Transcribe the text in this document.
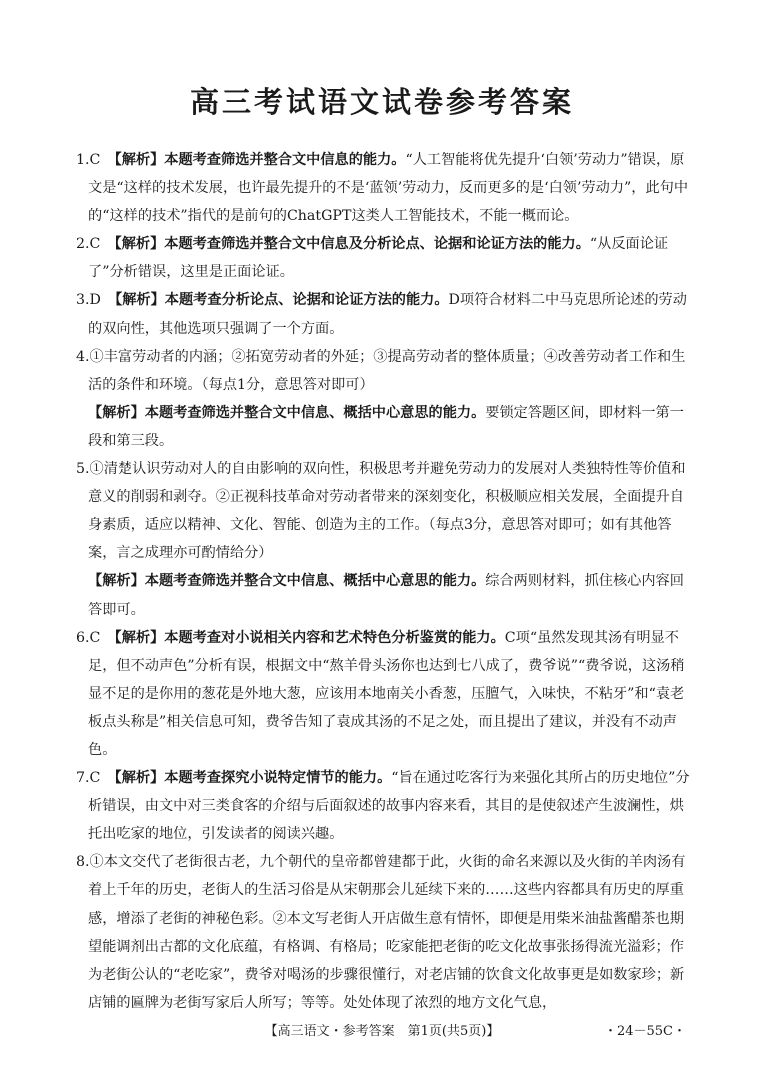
高三考试语文试卷参考答案

1.C　 【解析】本题考查筛选并整合文中信息的能力。“人工智能将优先提升‘白领’劳动力”错误，原文是“这样的技术发展，也许最先提升的不是‘蓝领’劳动力，反而更多的是‘白领’劳动力”，此句中的“这样的技术”指代的是前句的ChatGPT这类人工智能技术，不能一概而论。

2.C　 【解析】本题考查筛选并整合文中信息及分析论点、论据和论证方法的能力。“从反面论证了”分析错误，这里是正面论证。

3.D　 【解析】本题考查分析论点、论据和论证方法的能力。D项符合材料二中马克思所论述的劳动的双向性，其他选项只强调了一个方面。

4.①丰富劳动者的内涵；②拓宽劳动者的外延；③提高劳动者的整体质量；④改善劳动者工作和生活的条件和环境。（每点1分，意思答对即可）

【解析】本题考查筛选并整合文中信息、概括中心意思的能力。要锁定答题区间，即材料一第一段和第三段。

5.①清楚认识劳动对人的自由影响的双向性，积极思考并避免劳动力的发展对人类独特性等价值和意义的削弱和剥夺。②正视科技革命对劳动者带来的深刻变化，积极顺应相关发展，全面提升自身素质，适应以精神、文化、智能、创造为主的工作。（每点3分，意思答对即可；如有其他答案，言之成理亦可酌情给分）

【解析】本题考查筛选并整合文中信息、概括中心意思的能力。综合两则材料，抓住核心内容回答即可。

6.C　 【解析】本题考查对小说相关内容和艺术特色分析鉴赏的能力。C项“虽然发现其汤有明显不足，但不动声色”分析有误，根据文中“熬羊骨头汤你也达到七八成了，费爷说”“费爷说，这汤稍显不足的是你用的葱花是外地大葱，应该用本地南关小香葱，压膻气，入味快，不粘牙”和“袁老板点头称是”相关信息可知，费爷告知了袁成其汤的不足之处，而且提出了建议，并没有不动声色。

7.C　 【解析】本题考查探究小说特定情节的能力。“旨在通过吃客行为来强化其所占的历史地位”分析错误，由文中对三类食客的介绍与后面叙述的故事内容来看，其目的是使叙述产生波澜性，烘托出吃家的地位，引发读者的阅读兴趣。

8.①本文交代了老街很古老，九个朝代的皇帝都曾建都于此，火街的命名来源以及火街的羊肉汤有着上千年的历史，老街人的生活习俗是从宋朝那会儿延续下来的……这些内容都具有历史的厚重感，增添了老街的神秘色彩。②本文写老街人开店做生意有情怀，即便是用柴米油盐酱醋茶也期望能调剂出古都的文化底蕴，有格调、有格局；吃家能把老街的吃文化故事张扬得流光溢彩；作为老街公认的“老吃家”，费爷对喝汤的步骤很懂行，对老店铺的饮食文化故事更是如数家珍；新店铺的匾牌为老街写家后人所写；等等。处处体现了浓烈的地方文化气息，

【高三语文・参考答案　第1页(共5页)】	・24－55C・
